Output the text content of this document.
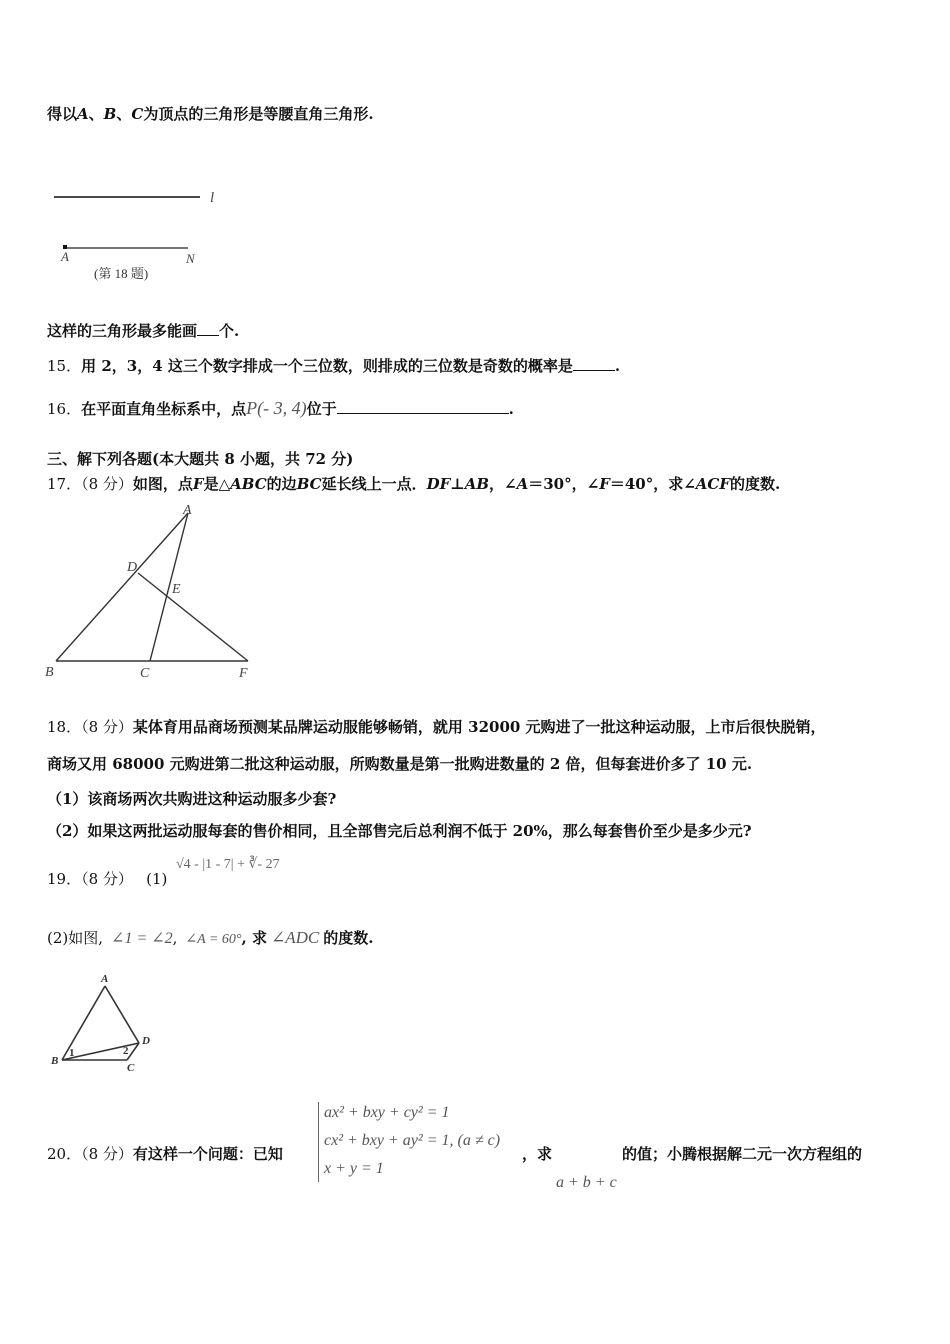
得以A、B、C为顶点的三角形是等腰直角三角形.
l
A	N
(第 18 题)
这样的三角形最多能画 个.
15．用 2，3，4 这三个数字排成一个三位数，则排成的三位数是奇数的概率是	.
16．在平面直角坐标系中，点P(- 3, 4)位于	.
三、解下列各题(本大题共 8 小题，共 72 分)
17．（8 分）如图，点F是△ABC的边BC延长线上一点．DF⊥AB，∠A＝30°，∠F＝40°，求∠ACF的度数.
A
D
E
B	C	F
18．（8 分）某体育用品商场预测某品牌运动服能够畅销，就用 32000 元购进了一批这种运动服，上市后很快脱销，
商场又用 68000 元购进第二批这种运动服，所购数量是第一批购进数量的 2 倍，但每套进价多了 10 元.
（1）该商场两次共购进这种运动服多少套?
（2）如果这两批运动服每套的售价相同，且全部售完后总利润不低于 20%，那么每套售价至少是多少元?
19．（8 分） (1)
√4 - |1 - 7| + ∛- 27
(2)如图, ∠1 = ∠2, ∠A = 60°, 求 ∠ADC 的度数.
A
B
C
D
1	2
20．（8 分）有这样一个问题：已知
ax² + bxy + cy² = 1
cx² + bxy + ay² = 1, (a ≠ c)
x + y = 1
，求	的值；小腾根据解二元一次方程组的
a + b + c
